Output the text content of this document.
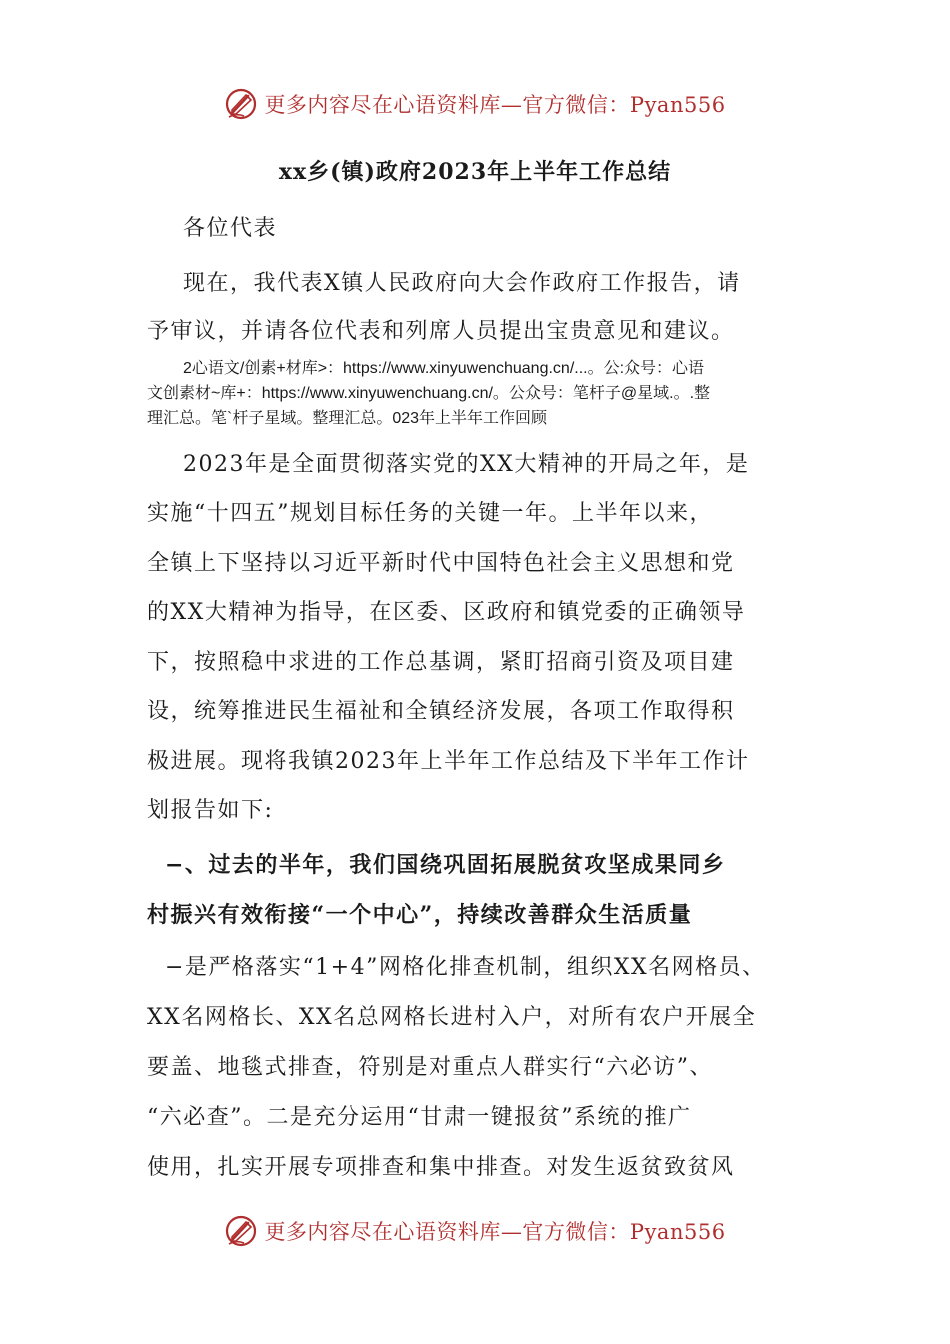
更多内容尽在心语资料库—官方微信：Pyan556
xx乡(镇)政府2023年上半年工作总结
各位代表
现在，我代表X镇人民政府向大会作政府工作报告，请
予审议，并请各位代表和列席人员提出宝贵意见和建议。
2心语文/创素+材库>：https://www.xinyuwenchuang.cn/...。公:众号：心语
文创素材~库+：https://www.xinyuwenchuang.cn/。公众号：笔杆子@星域.。.整
理汇总。笔`杆子星域。整理汇总。023年上半年工作回顾
2023年是全面贯彻落实党的XX大精神的开局之年，是
实施“十四五”规划目标任务的关键一年。上半年以来，
全镇上下坚持以习近平新时代中国特色社会主义思想和党
的XX大精神为指导，在区委、区政府和镇党委的正确领导
下，按照稳中求进的工作总基调，紧盯招商引资及项目建
设，统筹推进民生福祉和全镇经济发展，各项工作取得积
极进展。现将我镇2023年上半年工作总结及下半年工作计
划报告如下:
−、过去的半年，我们国绕巩固拓展脱贫攻坚成果同乡
村振兴有效衔接“一个中心”，持续改善群众生活质量
−是严格落实“1+4”网格化排查机制，组织XX名网格员、
XX名网格长、XX名总网格长进村入户，对所有农户开展全
要盖、地毯式排查，符别是对重点人群实行“六必访”、
“六必查”。二是充分运用“甘肃一键报贫”系统的推广
使用，扎实开展专项排查和集中排查。对发生返贫致贫风
更多内容尽在心语资料库—官方微信：Pyan556
